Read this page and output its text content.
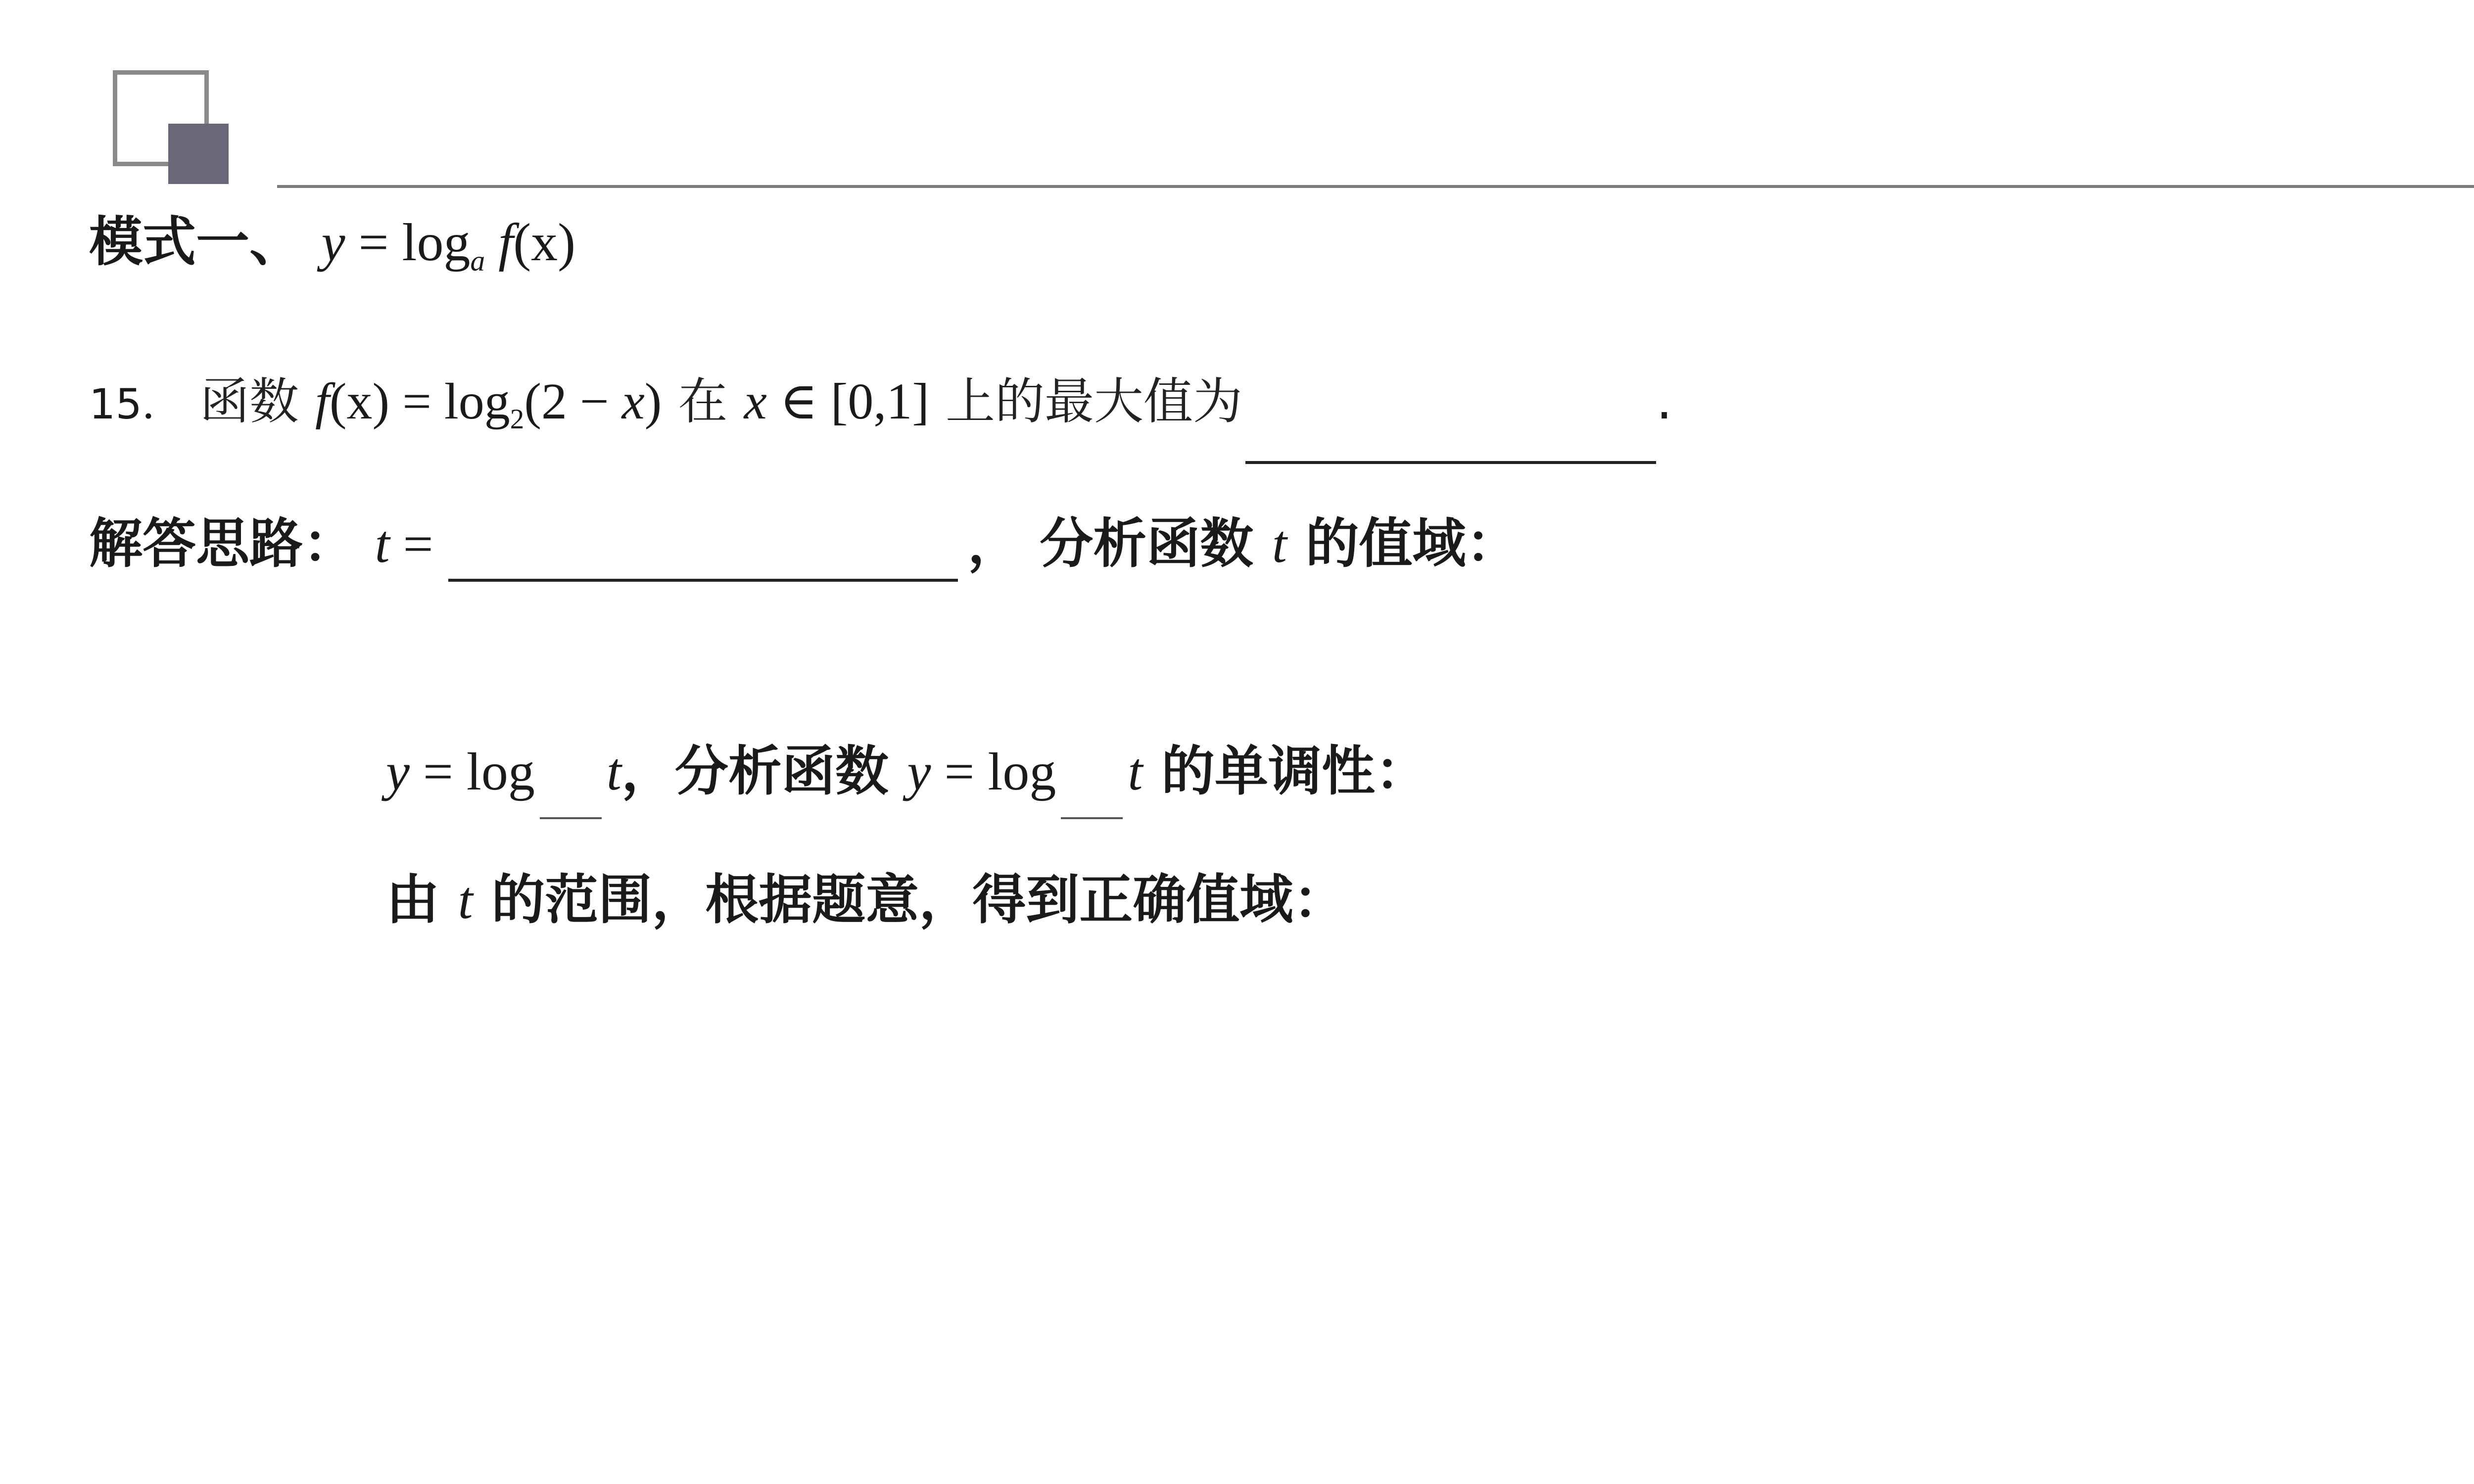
模式一、 $y = \log_a f(x)$
15． 函数 $f(x) = \log_2(2 - x)$ 在 x ∈ [0,1] 上的最大值为	.
解答思路： t =	， 分析函数 t 的值域：
y = log t，分析函数 y = log t 的单调性：
由 t 的范围，根据题意，得到正确值域：
